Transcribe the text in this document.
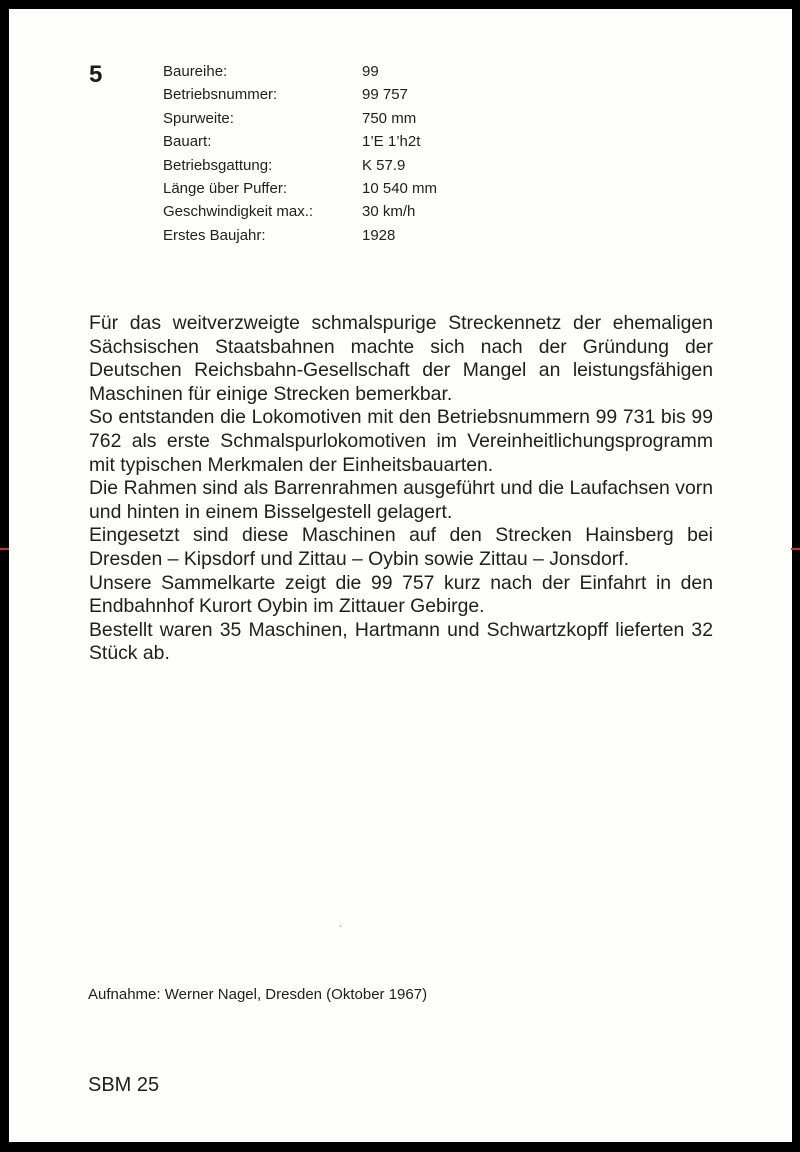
5	Baureihe:	99
Betriebsnummer:	99 757
Spurweite:	750 mm
Bauart:	1’E 1’h2t
Betriebsgattung:	K 57.9
Länge über Puffer:	10 540 mm
Geschwindigkeit max.:	30 km/h
Erstes Baujahr:	1928

Für das weitverzweigte schmalspurige Streckennetz der ehemaligen Sächsischen Staatsbahnen machte sich nach der Gründung der Deutschen Reichsbahn-Gesellschaft der Mangel an leistungsfähigen Maschinen für einige Strecken bemerkbar.

So entstanden die Lokomotiven mit den Betriebsnummern 99 731 bis 99 762 als erste Schmalspurlokomotiven im Vereinheitlichungsprogramm mit typischen Merkmalen der Einheitsbauarten.

Die Rahmen sind als Barrenrahmen ausgeführt und die Laufachsen vorn und hinten in einem Bisselgestell gelagert.

Eingesetzt sind diese Maschinen auf den Strecken Hainsberg bei Dresden – Kipsdorf und Zittau – Oybin sowie Zittau – Jonsdorf.

Unsere Sammelkarte zeigt die 99 757 kurz nach der Einfahrt in den Endbahnhof Kurort Oybin im Zittauer Gebirge.

Bestellt waren 35 Maschinen, Hartmann und Schwartzkopff lieferten 32 Stück ab.

Aufnahme: Werner Nagel, Dresden (Oktober 1967)
SBM 25
